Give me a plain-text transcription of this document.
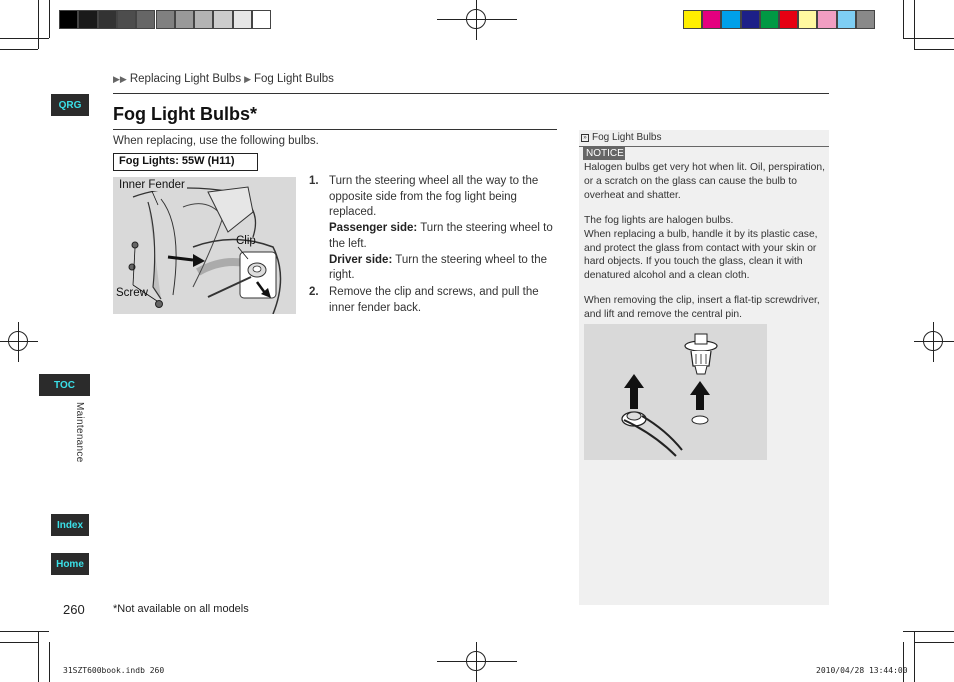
QRG
TOC
Maintenance
Index
Home
▶▶ Replacing Light Bulbs ▶ Fog Light Bulbs
Fog Light Bulbs*
When replacing, use the following bulbs.
Fog Lights: 55W (H11)
Inner Fender
Clip
Screw
1. Turn the steering wheel all the way to the opposite side from the fog light being replaced.

Passenger side: Turn the steering wheel to the left.

Driver side: Turn the steering wheel to the right.

2. Remove the clip and screws, and pull the inner fender back.

» Fog Light Bulbs
NOTICE
Halogen bulbs get very hot when lit. Oil, perspiration, or a scratch on the glass can cause the bulb to overheat and shatter.
The fog lights are halogen bulbs.
When replacing a bulb, handle it by its plastic case, and protect the glass from contact with your skin or hard objects. If you touch the glass, clean it with denatured alcohol and a clean cloth.
When removing the clip, insert a flat-tip screwdriver, and lift and remove the central pin.
260	*Not available on all models
31SZT600book.indb 260	2010/04/28 13:44:00
